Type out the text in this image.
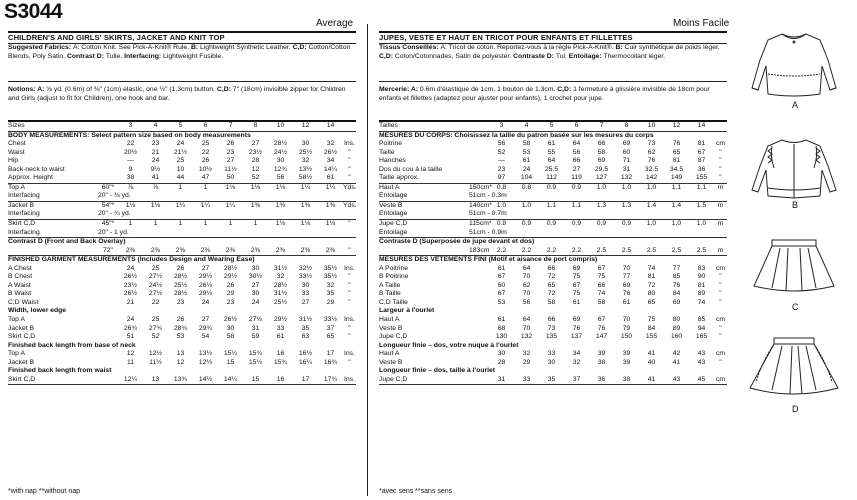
S3044
Average
CHILDREN'S AND GIRLS' SKIRTS, JACKET AND KNIT TOP
Suggested Fabrics: A: Cotton Knit. See Pick-A-Knit® Rule. B: Lightweight Synthetic Leather. C,D: Cotton/Cotton Blends, Poly Satin. Contrast D: Tulle. Interfacing: Lightweight Fusible.
Notions: A: ⅝ yd. (0.6m) of ⅜" (1cm) elastic, one ½" (1.3cm) button. C,D: 7" (18cm) invisible zipper for Children and Girls (adjust to fit for Children), one hook and bar.
Sizes		3	4	5	6	7	8	10	12	14	
BODY MEASUREMENTS: Select pattern size based on body measurements											
Chest		22	23	24	25	26	27	28½	30	32	Ins.
Waist		20½	21	21½	22	23	23½	24½	25½	26½	"
Hip		—	24	25	26	27	28	30	32	34	"
Back-neck to waist		9	9½	10	10½	11½	12	12¾	13½	14¼	"
Approx. Height		38	41	44	47	50	52	56	58½	61	"
Top A	60"*	⅞	⅞	1	1	1⅛	1⅛	1⅛	1¼	1¼	Yds.
Interfacing	20" - ⅜ yd.										
Jacket B	54"*	1⅛	1⅛	1¼	1¼	1¼	1⅜	1⅜	1⅜	1⅜	Yds.
Interfacing	20" - ¾ yd.										
Skirt C,D	45"*	1	1	1	1	1	1	1⅛	1⅛	1⅛	"
Interfacing	20" - 1 yd.										
Contrast D (Front and Back Overlay)											
	72"	2⅜	2⅜	2⅜	2⅜	2⅜	2⅜	2⅜	2⅜	2⅜	"
FINISHED GARMENT MEASUREMENTS (Includes Design and Wearing Ease)											
A Chest		24	25	26	27	28½	30	31½	32½	35½	Ins.
B Chest		26½	27½	28½	29½	29½	30½	32	33½	35½	"
A Waist		23½	24½	25½	26½	26	27	28½	30	32	"
B Waist		26½	27½	28½	29½	29	30	31½	33	35	"
C,D Waist		21	22	23	24	23	24	25½	27	29	"
Width, lower edge											
Top A		24	25	26	27	26½	27½	29½	31½	33½	Ins.
Jacket B		26¾	27¾	28¾	29¾	30	31	33	35	37	"
Skirt C,D		51	52	53	54	58	59	61	63	65	"
Finished back length from base of neck											
Top A		12	12½	13	13½	15¼	15¾	16	16½	17	Ins.
Jacket B		11	11½	12	12½	15	15½	15¾	16¼	16¾	"
Finished back length from waist											
Skirt C,D		12¼	13	13¾	14½	14¼	15	16	17	17¾	Ins.

*with nap **without nap
Moins Facile
JUPES, VESTE ET HAUT EN TRICOT POUR ENFANTS ET FILLETTES
Tissus Conseillés: A: Tricot de coton. Reportez-vous à la règle Pick-A-Knit®. B: Cuir synthétique de poids léger. C,D: Coton/Cotonnades, Satin de polyester. Contraste D: Tul. Entoilage: Thermocollant léger.
Mercerie: A: 0.6m d'élastique de 1cm, 1 bouton de 1.3cm. C,D: 1 fermeture à glissière invisible de 18cm pour enfants et fillettes (adaptez pour ajuster pour enfants), 1 crochet pour jupe.
Tailles		3	4	5	6	7	8	10	12	14	
MESURES DU CORPS: Choisissez la taille du patron basée sur les mesures du corps											
Poitrine		56	58	61	64	66	69	73	76	81	cm
Taille		52	53	55	56	58	60	62	65	67	"
Hanches		—	61	64	66	69	71	76	81	87	"
Dos du cou à la taille		23	24	25.5	27	29.5	31	32.5	34.5	36	"
Taille approx.		97	104	112	119	127	132	142	149	155	"
Haut A	150cm*	0.8	0.8	0.9	0.9	1.0	1.0	1.0	1.1	1.1	m
Entoilage	51cm - 0.3m										
Veste B	140cm*	1.0	1.0	1.1	1.1	1.3	1.3	1.4	1.4	1.5	m
Entoilage	51cm - 0.7m										
Jupe C,D	115cm*	0.8	0.9	0.9	0.9	0.9	0.9	1.0	1.0	1.0	m
Entoilage	51cm - 0.9m										
Contraste D (Superposée de jupe devant et dos)											
	183cm	2.2	2.2	2.2	2.2	2.5	2.5	2.5	2.5	2.5	m
MESURES DES VÊTEMENTS FINI (Motif et aisance de port compris)											
A Poitrine		61	64	66	69	67	70	74	77	83	cm
B Poitrine		67	70	72	75	75	77	81	85	90	"
A Taille		60	62	65	67	66	69	72	76	81	"
B Taille		67	70	72	75	74	76	80	84	89	"
C,D Taille		53	56	58	61	58	61	65	69	74	"
Largeur à l'ourlet											
Haut A		61	64	66	69	67	70	75	80	85	cm
Veste B		68	70	73	76	76	79	84	89	94	"
Jupe C,D		130	132	135	137	147	150	155	160	165	"
Longueur finie – dos, votre nuque à l'ourlet											
Haut A		30	32	33	34	39	39	41	42	43	cm
Veste B		28	29	30	32	38	39	40	41	43	"
Longueur finie – dos, taille à l'ourlet											
Jupe C,D		31	33	35	37	36	38	41	43	45	cm

*avec sens **sans sens
A
B
C
D
